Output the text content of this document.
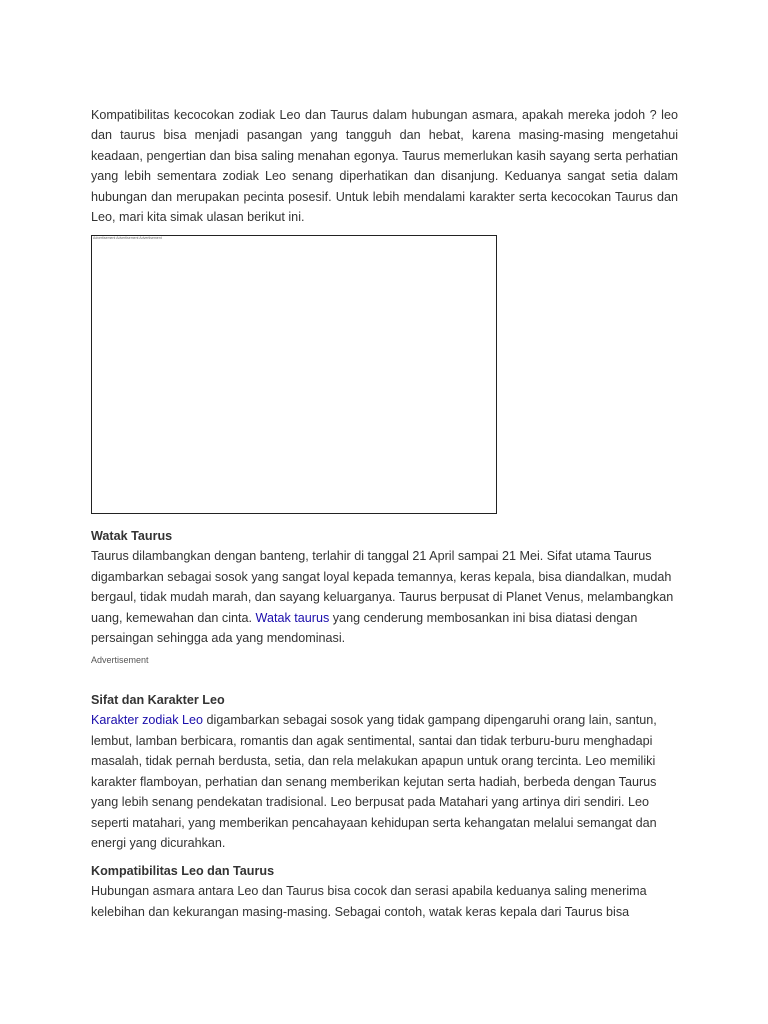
Kompatibilitas kecocokan zodiak Leo dan Taurus dalam hubungan asmara, apakah mereka jodoh ? leo dan taurus bisa menjadi pasangan yang tangguh dan hebat, karena masing-masing mengetahui keadaan, pengertian dan bisa saling menahan egonya. Taurus memerlukan kasih sayang serta perhatian yang lebih sementara zodiak Leo senang diperhatikan dan disanjung. Keduanya sangat setia dalam hubungan dan merupakan pecinta posesif. Untuk lebih mendalami karakter serta kecocokan Taurus dan Leo, mari kita simak ulasan berikut ini.

Advertisement Advertisement Advertisement
Watak Taurus

Taurus dilambangkan dengan banteng, terlahir di tanggal 21 April sampai 21 Mei. Sifat utama Taurus digambarkan sebagai sosok yang sangat loyal kepada temannya, keras kepala, bisa diandalkan, mudah bergaul, tidak mudah marah, dan sayang keluarganya. Taurus berpusat di Planet Venus, melambangkan uang, kemewahan dan cinta. Watak taurus yang cenderung membosankan ini bisa diatasi dengan persaingan sehingga ada yang mendominasi.

Advertisement
Sifat dan Karakter Leo

Karakter zodiak Leo digambarkan sebagai sosok yang tidak gampang dipengaruhi orang lain, santun, lembut, lamban berbicara, romantis dan agak sentimental, santai dan tidak terburu-buru menghadapi masalah, tidak pernah berdusta, setia, dan rela melakukan apapun untuk orang tercinta. Leo memiliki karakter flamboyan, perhatian dan senang memberikan kejutan serta hadiah, berbeda dengan Taurus yang lebih senang pendekatan tradisional. Leo berpusat pada Matahari yang artinya diri sendiri. Leo seperti matahari, yang memberikan pencahayaan kehidupan serta kehangatan melalui semangat dan energi yang dicurahkan.

Kompatibilitas Leo dan Taurus

Hubungan asmara antara Leo dan Taurus bisa cocok dan serasi apabila keduanya saling menerima kelebihan dan kekurangan masing-masing. Sebagai contoh, watak keras kepala dari Taurus bisa
